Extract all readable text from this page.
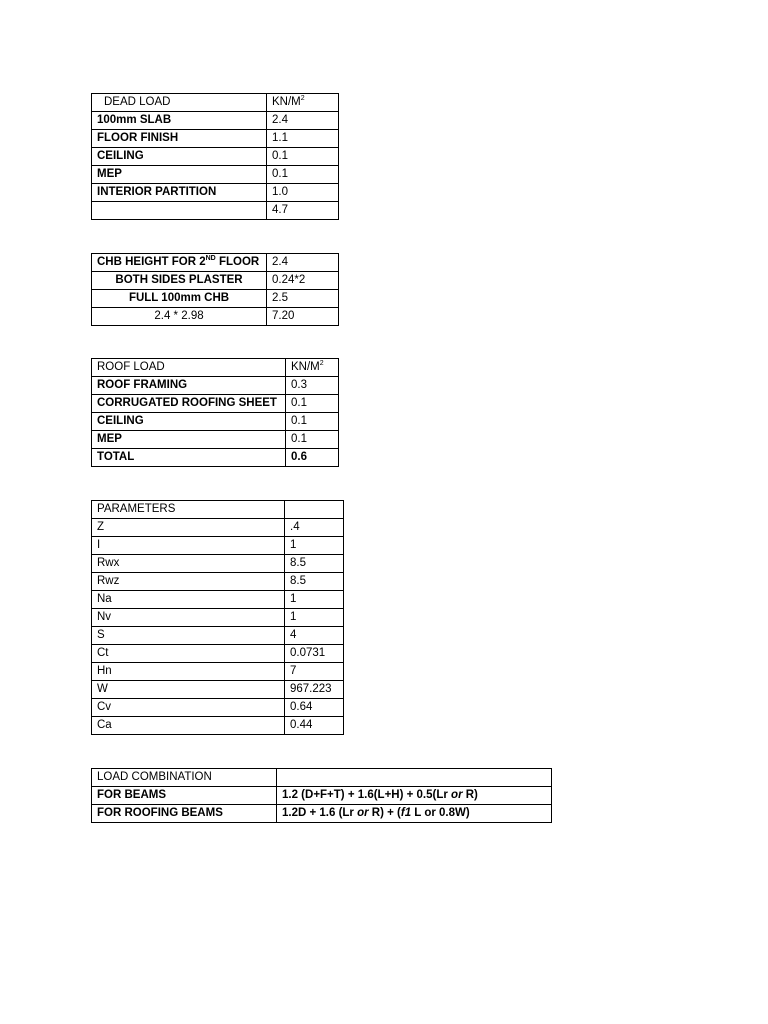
DEAD LOAD	$KN/M^2$
100mm SLAB	2.4
FLOOR FINISH	1.1
CEILING	0.1
MEP	0.1
INTERIOR PARTITION	1.0
	4.7
CHB HEIGHT FOR 2ND FLOOR	2.4
BOTH SIDES PLASTER	0.24*2
FULL 100mm CHB	2.5
2.4 * 2.98	7.20
ROOF LOAD	$KN/M^2$
ROOF FRAMING	0.3
CORRUGATED ROOFING SHEET	0.1
CEILING	0.1
MEP	0.1
TOTAL	0.6
PARAMETERS	
Z	.4
I	1
Rwx	8.5
Rwz	8.5
Na	1
Nv	1
S	4
Ct	0.0731
Hn	7
W	967.223
Cv	0.64
Ca	0.44
LOAD COMBINATION	
FOR BEAMS	1.2 (D+F+T) + 1.6(L+H) + 0.5(Lr or R)
FOR ROOFING BEAMS	1.2D + 1.6 (Lr or R) + (f1 L or 0.8W)
